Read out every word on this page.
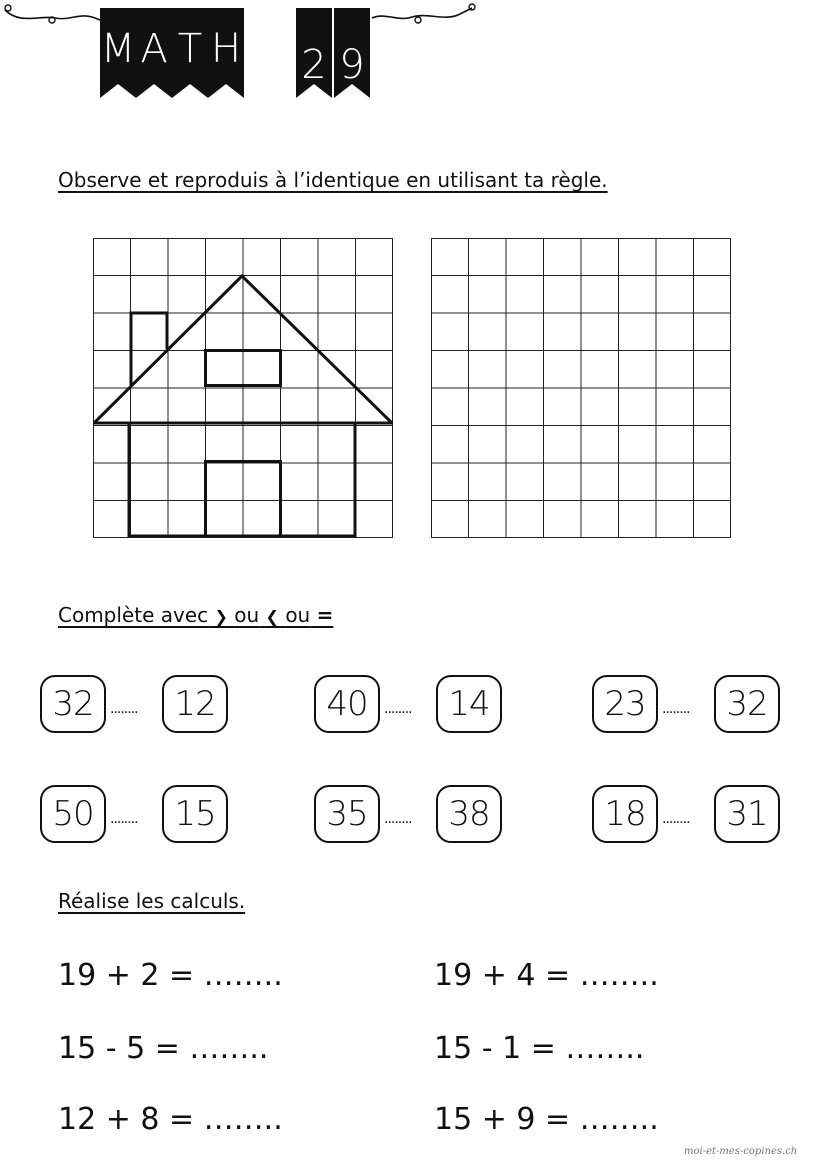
M A T H 2 9
Observe et reproduis à l’identique en utilisant ta règle.
Complète avec ❯ ou ❮ ou =
32	........	12	40	........	14	23	........	32
50	........	15	35	........	38	18	........	31
Réalise les calculs.
19 + 2 = ……..	19 + 4 = ……..
15 - 5 = ……..	15 - 1 = ……..
12 + 8 = ……..	15 + 9 = ……..
moi-et-mes-copines.ch
